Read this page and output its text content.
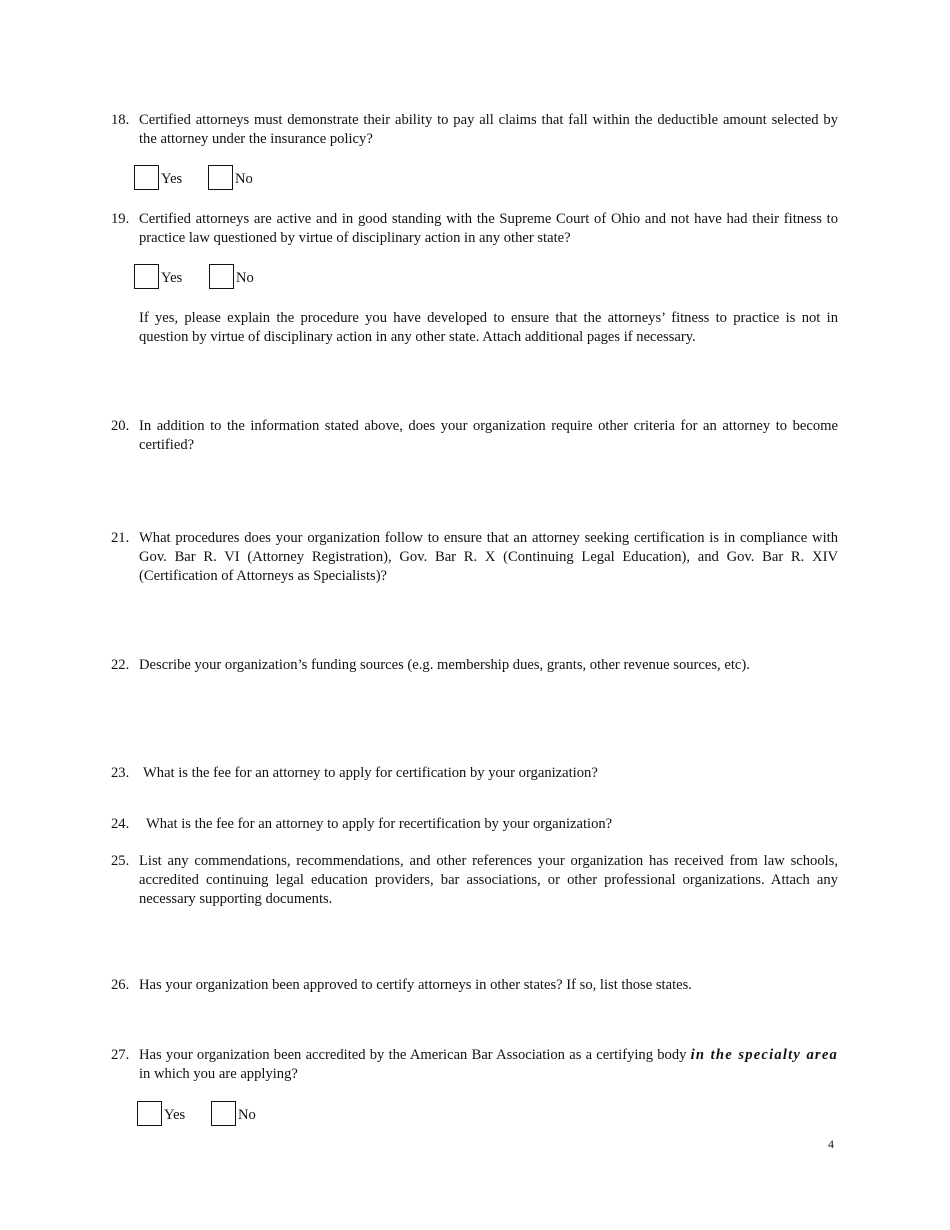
18. Certified attorneys must demonstrate their ability to pay all claims that fall within the deductible amount selected by the attorney under the insurance policy?
Yes	No
19. Certified attorneys are active and in good standing with the Supreme Court of Ohio and not have had their fitness to practice law questioned by virtue of disciplinary action in any other state?
Yes	No
If yes, please explain the procedure you have developed to ensure that the attorneys’ fitness to practice is not in question by virtue of disciplinary action in any other state. Attach additional pages if necessary.
20. In addition to the information stated above, does your organization require other criteria for an attorney to become certified?
21. What procedures does your organization follow to ensure that an attorney seeking certification is in compliance with Gov. Bar R. VI (Attorney Registration), Gov. Bar R. X (Continuing Legal Education), and Gov. Bar R. XIV (Certification of Attorneys as Specialists)?
22. Describe your organization’s funding sources (e.g. membership dues, grants, other revenue sources, etc).
23. What is the fee for an attorney to apply for certification by your organization?
24. What is the fee for an attorney to apply for recertification by your organization?
25. List any commendations, recommendations, and other references your organization has received from law schools, accredited continuing legal education providers, bar associations, or other professional organizations. Attach any necessary supporting documents.
26. Has your organization been approved to certify attorneys in other states? If so, list those states.
27. Has your organization been accredited by the American Bar Association as a certifying body in the specialty area in which you are applying?
Yes	No
4
